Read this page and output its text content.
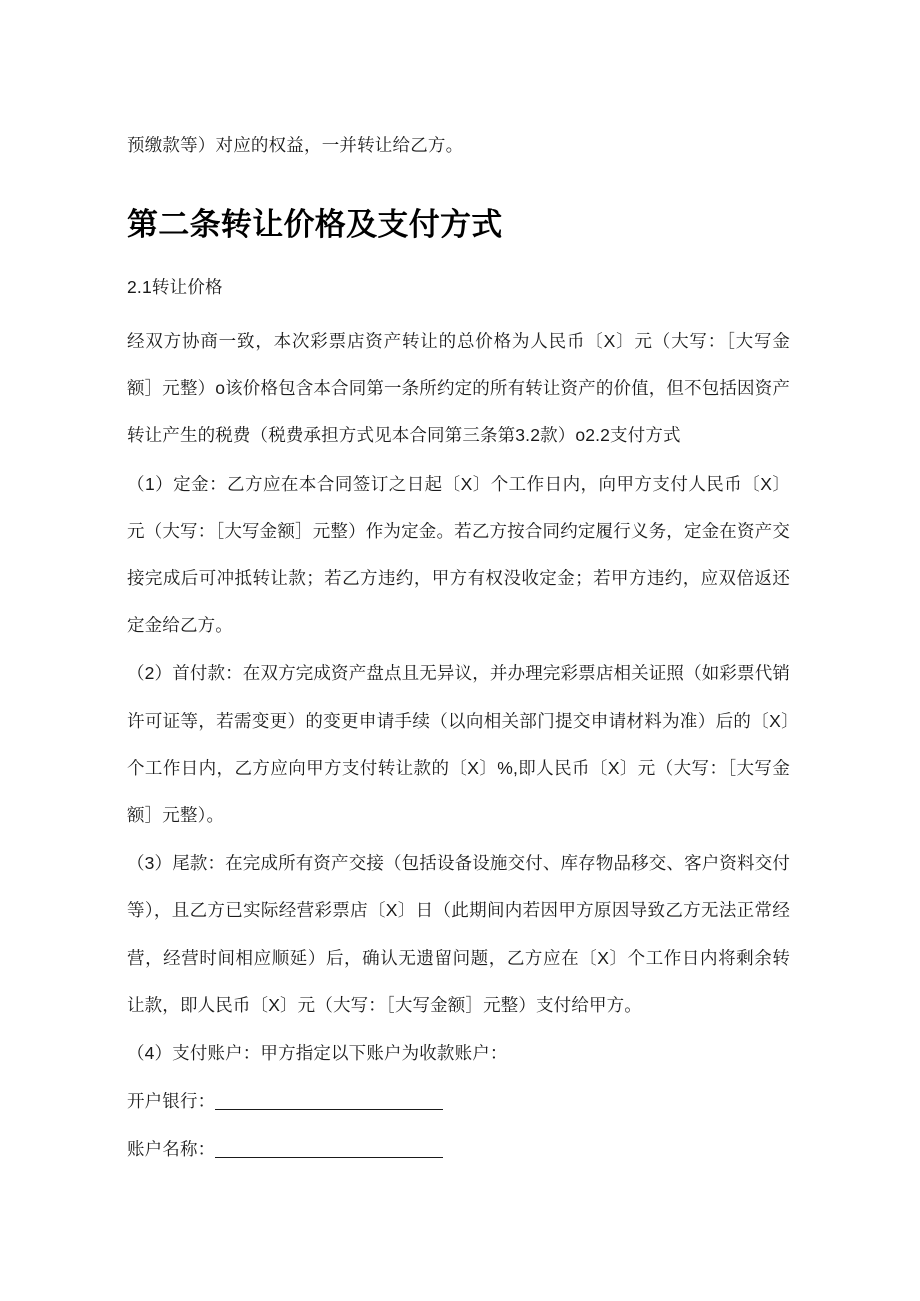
预缴款等）对应的权益，一并转让给乙方。

第二条转让价格及支付方式
2.1转让价格

经双方协商一致，本次彩票店资产转让的总价格为人民币〔X〕元（大写：［大写金额］元整）o该价格包含本合同第一条所约定的所有转让资产的价值，但不包括因资产转让产生的税费（税费承担方式见本合同第三条第3.2款）o2.2支付方式

（1）定金：乙方应在本合同签订之日起〔X〕个工作日内，向甲方支付人民币〔X〕元（大写：［大写金额］元整）作为定金。若乙方按合同约定履行义务，定金在资产交接完成后可冲抵转让款；若乙方违约，甲方有权没收定金；若甲方违约，应双倍返还定金给乙方。

（2）首付款：在双方完成资产盘点且无异议，并办理完彩票店相关证照（如彩票代销许可证等，若需变更）的变更申请手续（以向相关部门提交申请材料为准）后的〔X〕个工作日内，乙方应向甲方支付转让款的〔X〕%,即人民币〔X〕元（大写：［大写金额］元整）。

（3）尾款：在完成所有资产交接（包括设备设施交付、库存物品移交、客户资料交付等），且乙方已实际经营彩票店〔X〕日（此期间内若因甲方原因导致乙方无法正常经营，经营时间相应顺延）后，确认无遗留问题，乙方应在〔X〕个工作日内将剩余转让款，即人民币〔X〕元（大写：［大写金额］元整）支付给甲方。

（4）支付账户：甲方指定以下账户为收款账户：

开户银行：

账户名称：
